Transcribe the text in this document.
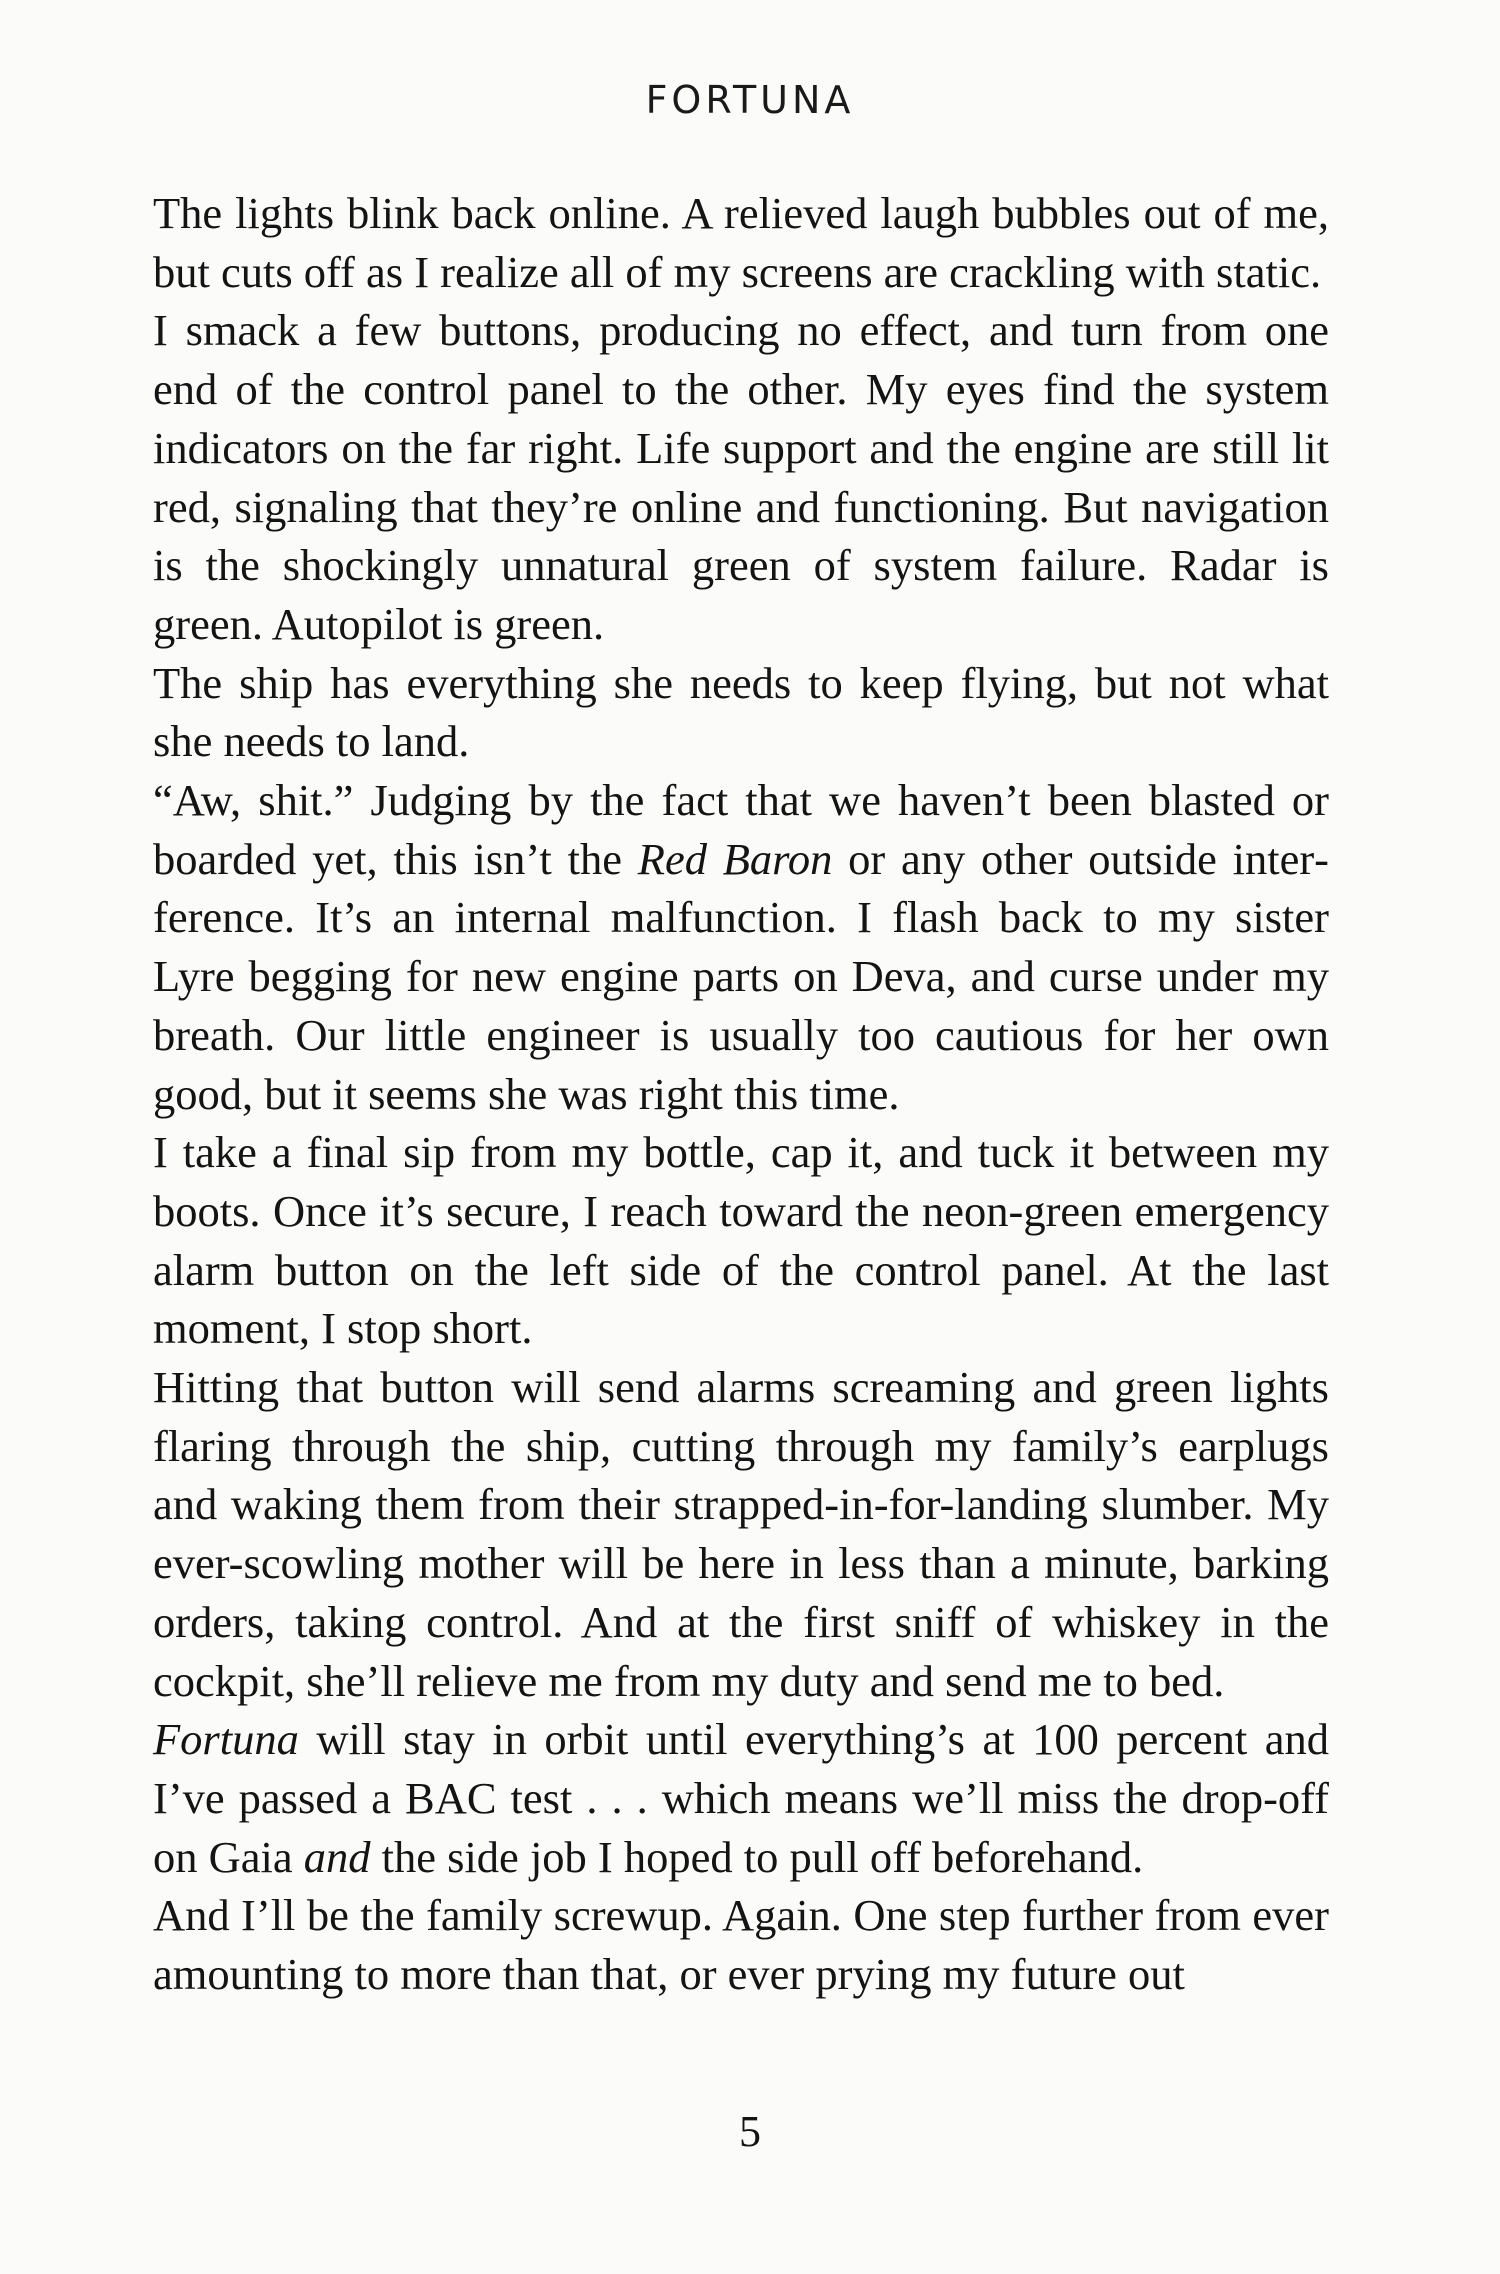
FORTUNA

The lights blink back online. A relieved laugh bubbles out of me, but cuts off as I realize all of my screens are crackling with static.

I smack a few buttons, producing no effect, and turn from one end of the control panel to the other. My eyes find the system indicators on the far right. Life support and the engine are still lit red, signaling that they’re online and functioning. But navigation is the shockingly unnatural green of system failure. Radar is green. Autopilot is green.

The ship has everything she needs to keep flying, but not what she needs to land.

“Aw, shit.” Judging by the fact that we haven’t been blasted or boarded yet, this isn’t the Red Baron or any other outside interference. It’s an internal malfunction. I flash back to my sister Lyre begging for new engine parts on Deva, and curse under my breath. Our little engineer is usually too cautious for her own good, but it seems she was right this time.

I take a final sip from my bottle, cap it, and tuck it between my boots. Once it’s secure, I reach toward the neon-green emergency alarm button on the left side of the control panel. At the last moment, I stop short.

Hitting that button will send alarms screaming and green lights flaring through the ship, cutting through my family’s earplugs and waking them from their strapped-in-for-landing slumber. My ever-scowling mother will be here in less than a minute, barking orders, taking control. And at the first sniff of whiskey in the cockpit, she’ll relieve me from my duty and send me to bed.

Fortuna will stay in orbit until everything’s at 100 percent and I’ve passed a BAC test . . . which means we’ll miss the drop-off on Gaia and the side job I hoped to pull off beforehand.

And I’ll be the family screwup. Again. One step further from ever amounting to more than that, or ever prying my future out

5
